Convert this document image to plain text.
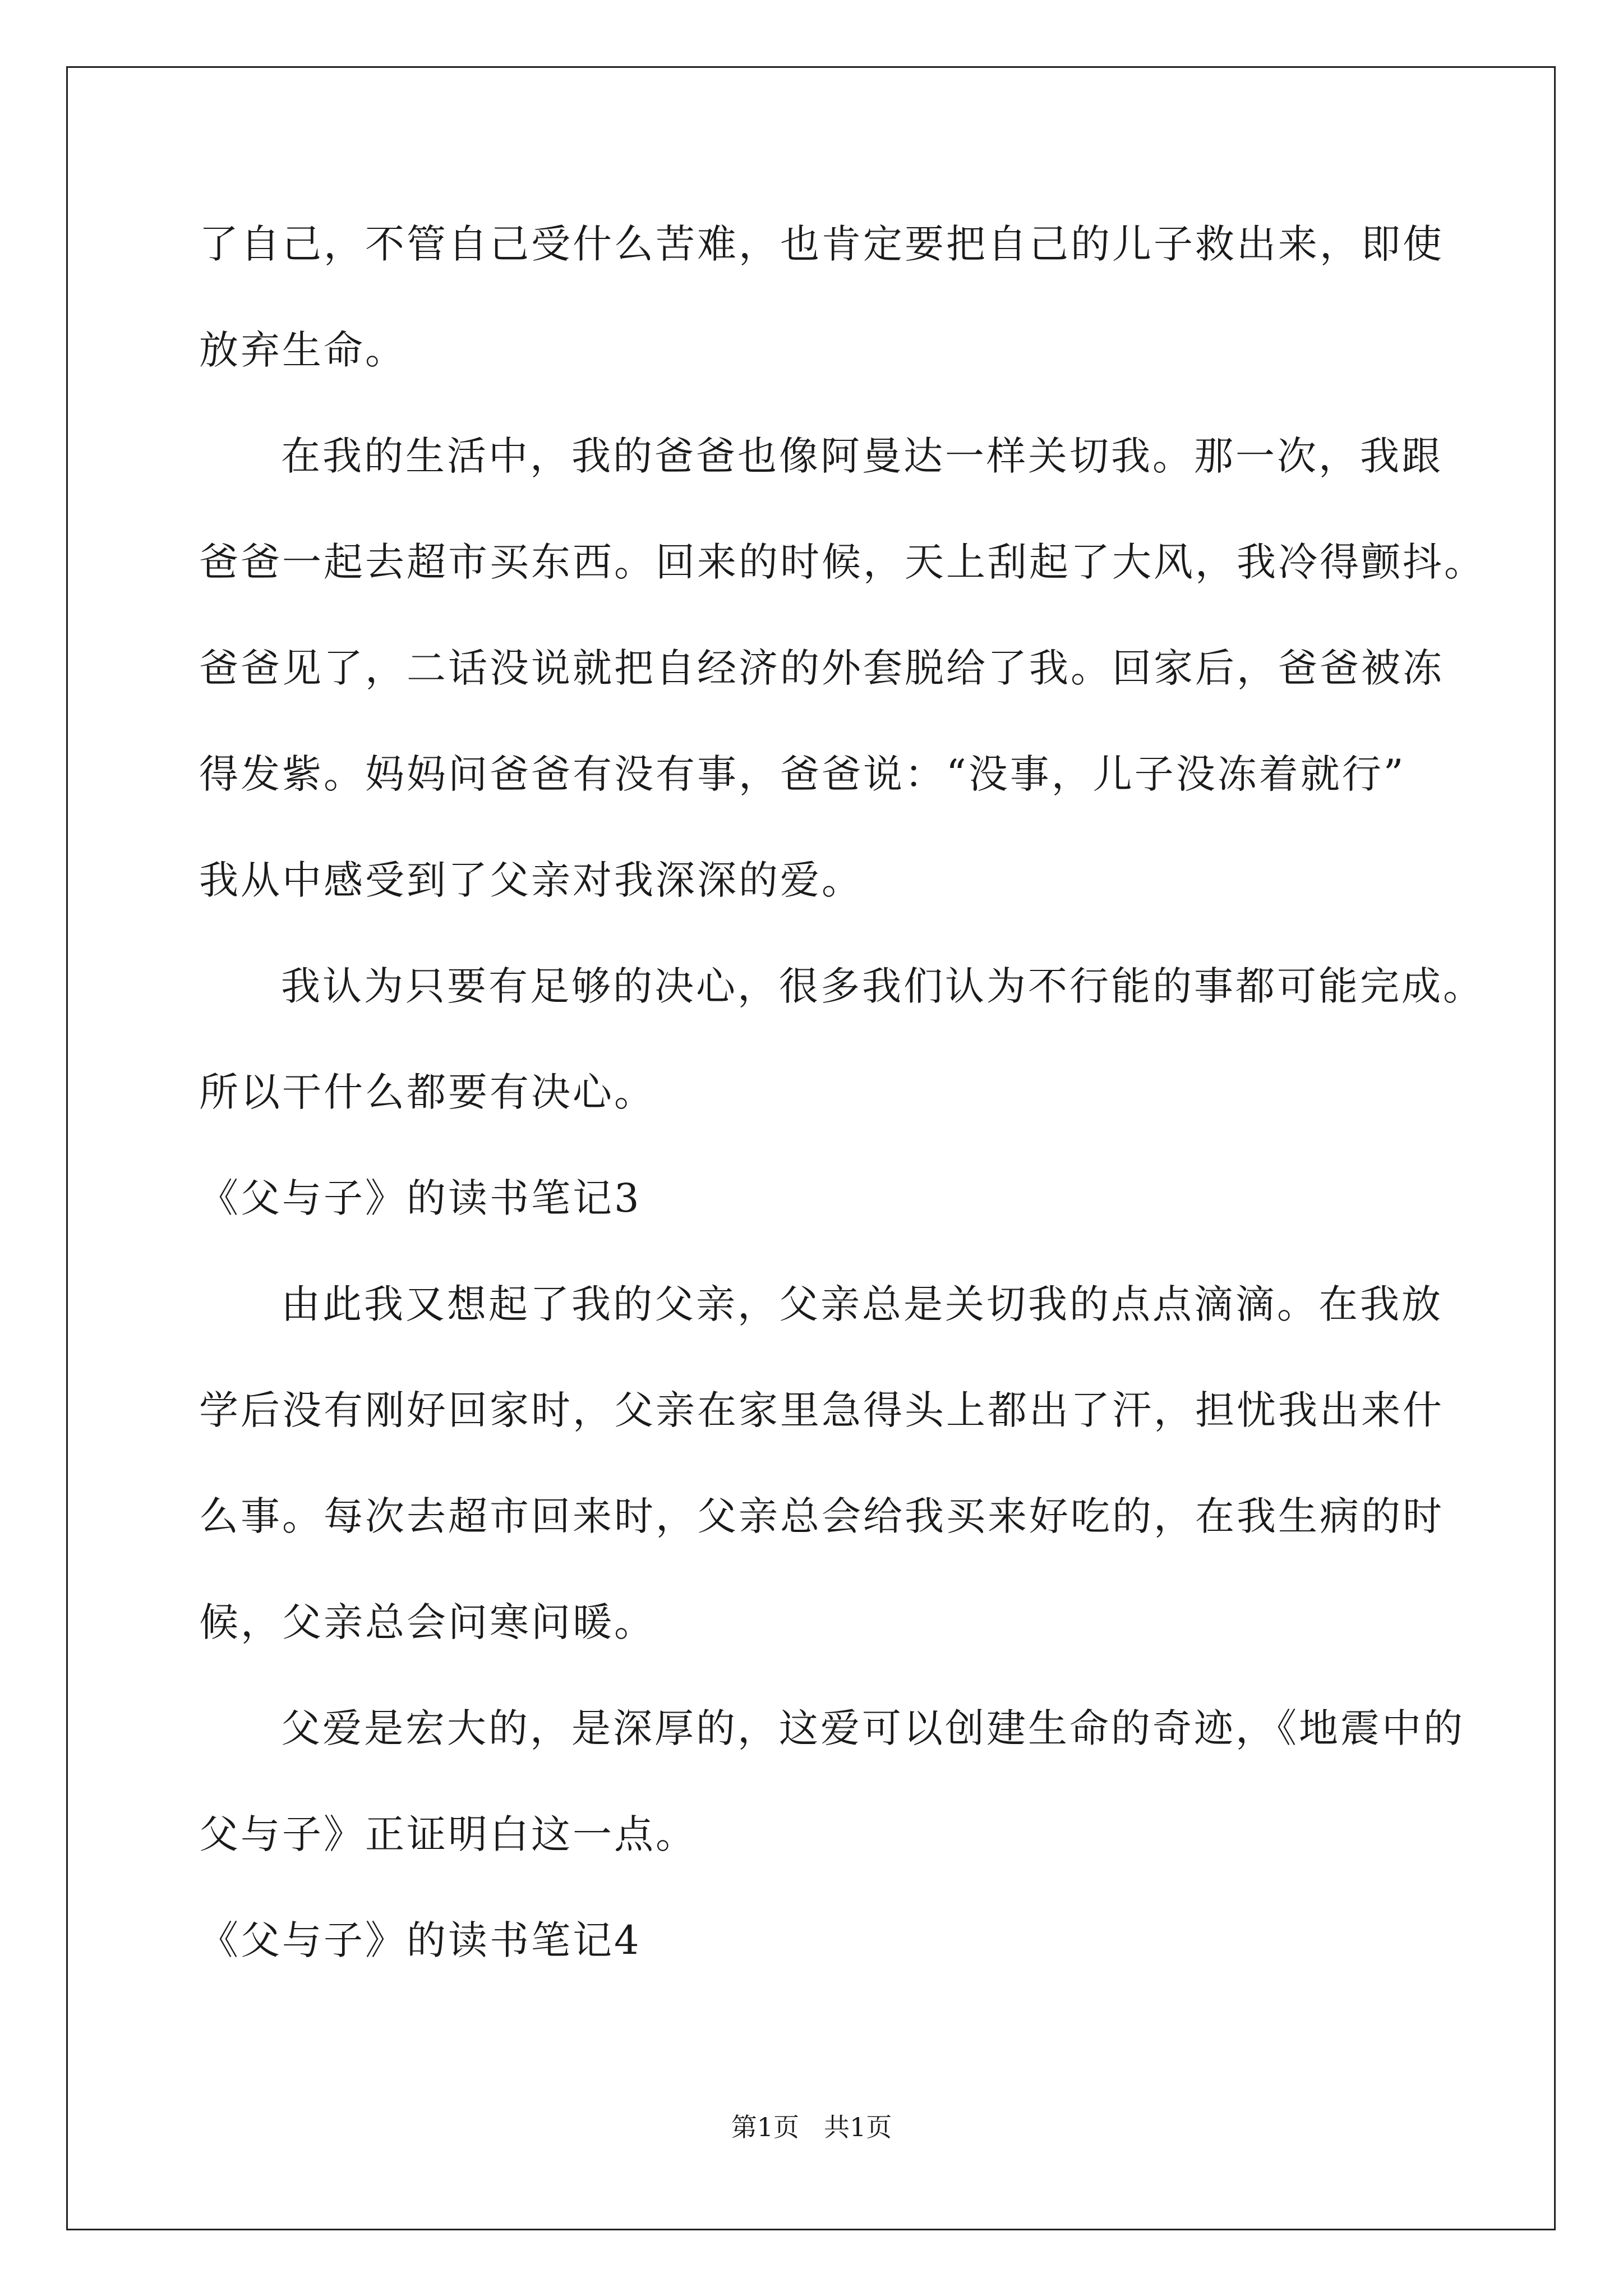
了自己，不管自己受什么苦难，也肯定要把自己的儿子救出来，即使
放弃生命。
在我的生活中，我的爸爸也像阿曼达一样关切我。那一次，我跟
爸爸一起去超市买东西。回来的时候，天上刮起了大风，我冷得颤抖。
爸爸见了，二话没说就把自经济的外套脱给了我。回家后，爸爸被冻
得发紫。妈妈问爸爸有没有事，爸爸说：“没事，儿子没冻着就行”
我从中感受到了父亲对我深深的爱。
我认为只要有足够的决心，很多我们认为不行能的事都可能完成。
所以干什么都要有决心。
《父与子》的读书笔记3
由此我又想起了我的父亲，父亲总是关切我的点点滴滴。在我放
学后没有刚好回家时，父亲在家里急得头上都出了汗，担忧我出来什
么事。每次去超市回来时，父亲总会给我买来好吃的，在我生病的时
候，父亲总会问寒问暖。
父爱是宏大的，是深厚的，这爱可以创建生命的奇迹，《地震中的
父与子》正证明白这一点。
《父与子》的读书笔记4
第1页 共1页
